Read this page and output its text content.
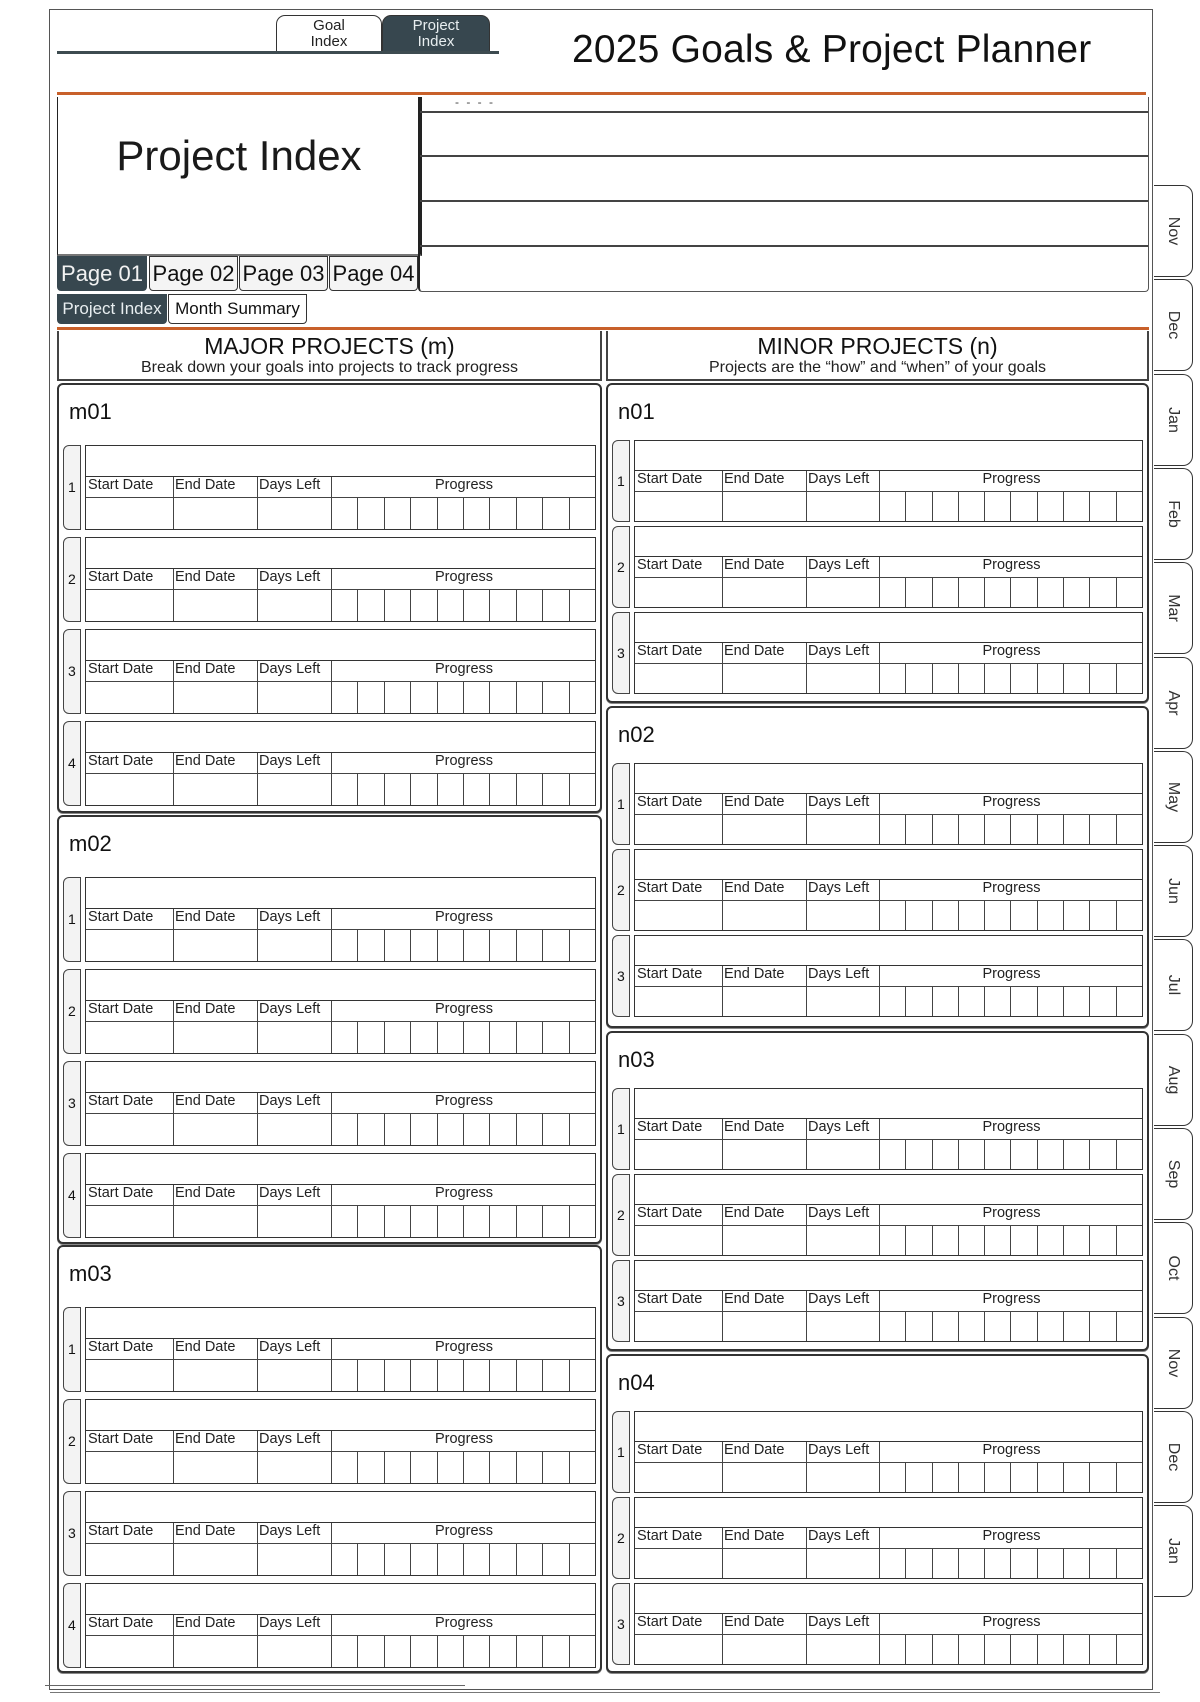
Goal
Index
Project
Index	2025 Goals & Project Planner
Project Index
- - - -
Page 01 Page 02 Page 03 Page 04
Project Index Month Summary
MAJOR PROJECTS (m)
Break down your goals into projects to track progress
MINOR PROJECTS (n)
Projects are the “how” and “when” of your goals
m01
1 Start Date	End Date	Days Left	Progress
2 Start Date	End Date	Days Left	Progress
3 Start Date	End Date	Days Left	Progress
4 Start Date	End Date	Days Left	Progress
m02
1 Start Date	End Date	Days Left	Progress
2 Start Date	End Date	Days Left	Progress
3 Start Date	End Date	Days Left	Progress
4 Start Date	End Date	Days Left	Progress
m03
1 Start Date	End Date	Days Left	Progress
2 Start Date	End Date	Days Left	Progress
3 Start Date	End Date	Days Left	Progress
4 Start Date	End Date	Days Left	Progress
n01
1 Start Date	End Date	Days Left	Progress
2 Start Date	End Date	Days Left	Progress
3 Start Date	End Date	Days Left	Progress
n02
1 Start Date	End Date	Days Left	Progress
2 Start Date	End Date	Days Left	Progress
3 Start Date	End Date	Days Left	Progress
n03
1 Start Date	End Date	Days Left	Progress
2 Start Date	End Date	Days Left	Progress
3 Start Date	End Date	Days Left	Progress
n04
1 Start Date	End Date	Days Left	Progress
2 Start Date	End Date	Days Left	Progress
3 Start Date	End Date	Days Left	Progress
Nov
Dec
Jan
Feb
Mar
Apr
May
Jun
Jul
Aug
Sep
Oct
Nov
Dec
Jan
